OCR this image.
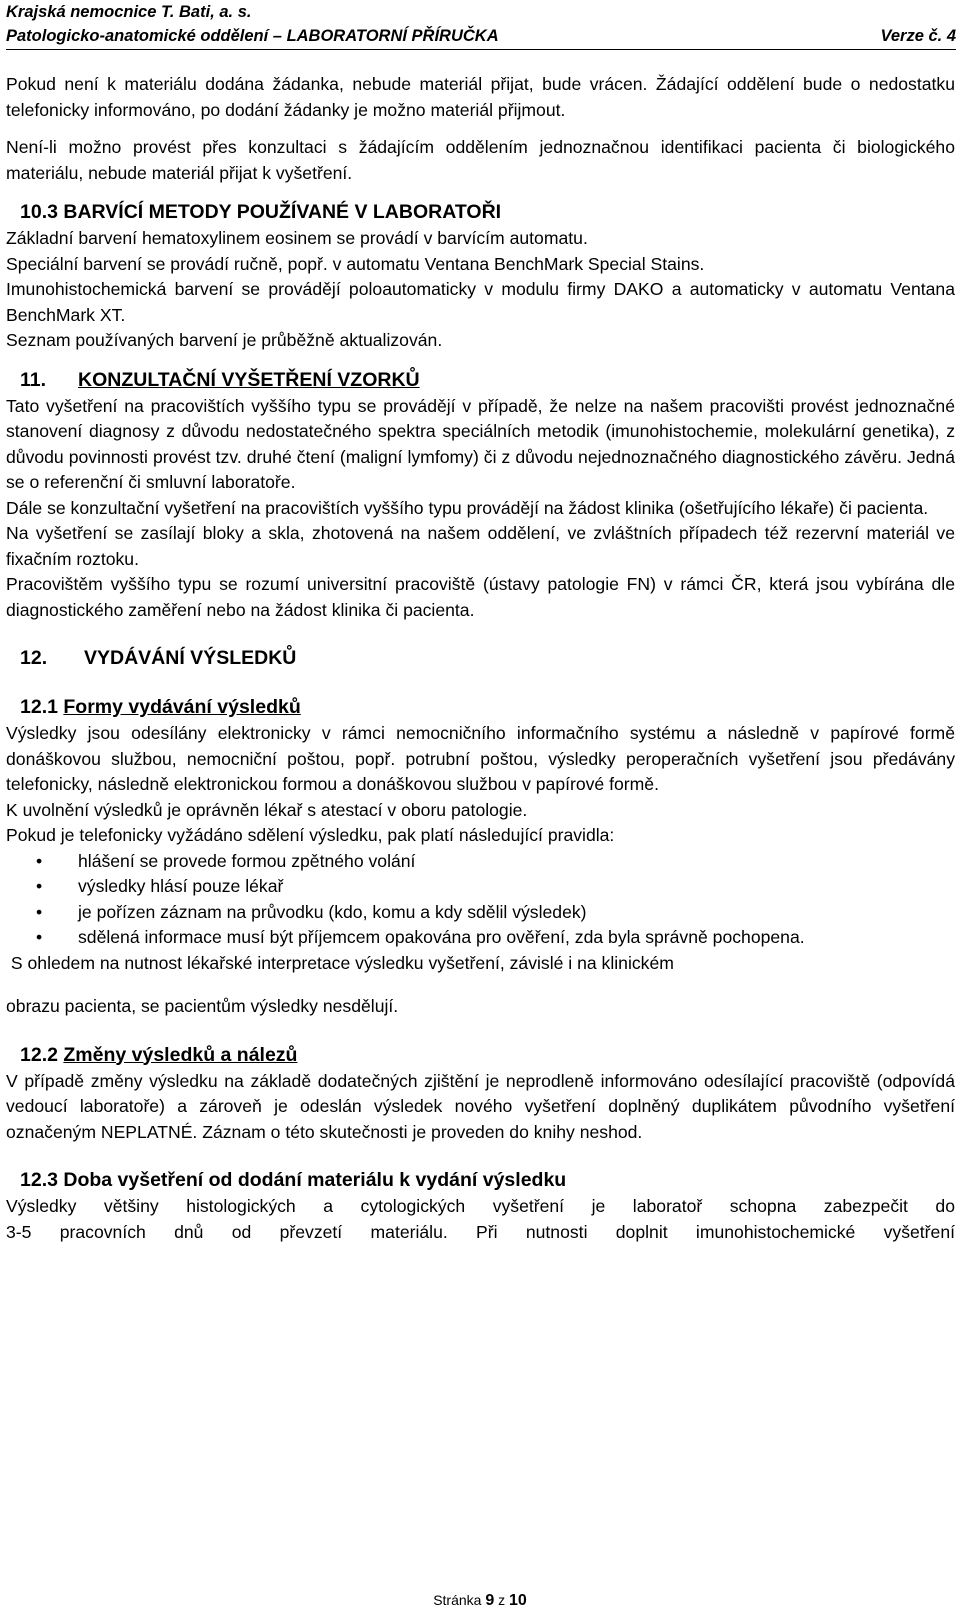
Krajská nemocnice T. Bati, a. s.
Patologicko-anatomické oddělení – LABORATORNÍ PŘÍRUČKA	Verze č. 4

Pokud není k materiálu dodána žádanka, nebude materiál přijat, bude vrácen. Žádající oddělení bude o nedostatku telefonicky informováno, po dodání žádanky je možno materiál přijmout.

Není-li možno provést přes konzultaci s žádajícím oddělením jednoznačnou identifikaci pacienta či biologického materiálu, nebude materiál přijat k vyšetření.

10.3 BARVÍCÍ METODY POUŽÍVANÉ V LABORATOŘI

Základní barvení hematoxylinem eosinem se provádí v barvícím automatu.

Speciální barvení se provádí ručně, popř. v automatu Ventana BenchMark Special Stains.

Imunohistochemická barvení se provádějí poloautomaticky v modulu firmy DAKO a automaticky v automatu Ventana BenchMark XT.

Seznam používaných barvení je průběžně aktualizován.

11. KONZULTAČNÍ VYŠETŘENÍ VZORKŮ

Tato vyšetření na pracovištích vyššího typu se provádějí v případě, že nelze na našem pracovišti provést jednoznačné stanovení diagnosy z důvodu nedostatečného spektra speciálních metodik (imunohistochemie, molekulární genetika), z důvodu povinnosti provést tzv. druhé čtení (maligní lymfomy) či z důvodu nejednoznačného diagnostického závěru. Jedná se o referenční či smluvní laboratoře.

Dále se konzultační vyšetření na pracovištích vyššího typu provádějí na žádost klinika (ošetřujícího lékaře) či pacienta.

Na vyšetření se zasílají bloky a skla, zhotovená na našem oddělení, ve zvláštních případech též rezervní materiál ve fixačním roztoku.

Pracovištěm vyššího typu se rozumí universitní pracoviště (ústavy patologie FN) v rámci ČR, která jsou vybírána dle diagnostického zaměření nebo na žádost klinika či pacienta.

12. VYDÁVÁNÍ VÝSLEDKŮ
12.1 Formy vydávání výsledků

Výsledky jsou odesílány elektronicky v rámci nemocničního informačního systému a následně v papírové formě donáškovou službou, nemocniční poštou, popř. potrubní poštou, výsledky peroperačních vyšetření jsou předávány telefonicky, následně elektronickou formou a donáškovou službou v papírové formě.

K uvolnění výsledků je oprávněn lékař s atestací v oboru patologie.

Pokud je telefonicky vyžádáno sdělení výsledku, pak platí následující pravidla:

• hlášení se provede formou zpětného volání
• výsledky hlásí pouze lékař
• je pořízen záznam na průvodku (kdo, komu a kdy sdělil výsledek)
• sdělená informace musí být příjemcem opakována pro ověření, zda byla správně pochopena.

S ohledem na nutnost lékařské interpretace výsledku vyšetření, závislé i na klinickém

obrazu pacienta, se pacientům výsledky nesdělují.

12.2 Změny výsledků a nálezů

V případě změny výsledku na základě dodatečných zjištění je neprodleně informováno odesílající pracoviště (odpovídá vedoucí laboratoře) a zároveň je odeslán výsledek nového vyšetření doplněný duplikátem původního vyšetření označeným NEPLATNÉ. Záznam o této skutečnosti je proveden do knihy neshod.

12.3 Doba vyšetření od dodání materiálu k vydání výsledku

Výsledky většiny histologických a cytologických vyšetření je laboratoř schopna zabezpečit do

3-5 pracovních dnů od převzetí materiálu. Při nutnosti doplnit imunohistochemické vyšetření

Stránka 9 z 10
